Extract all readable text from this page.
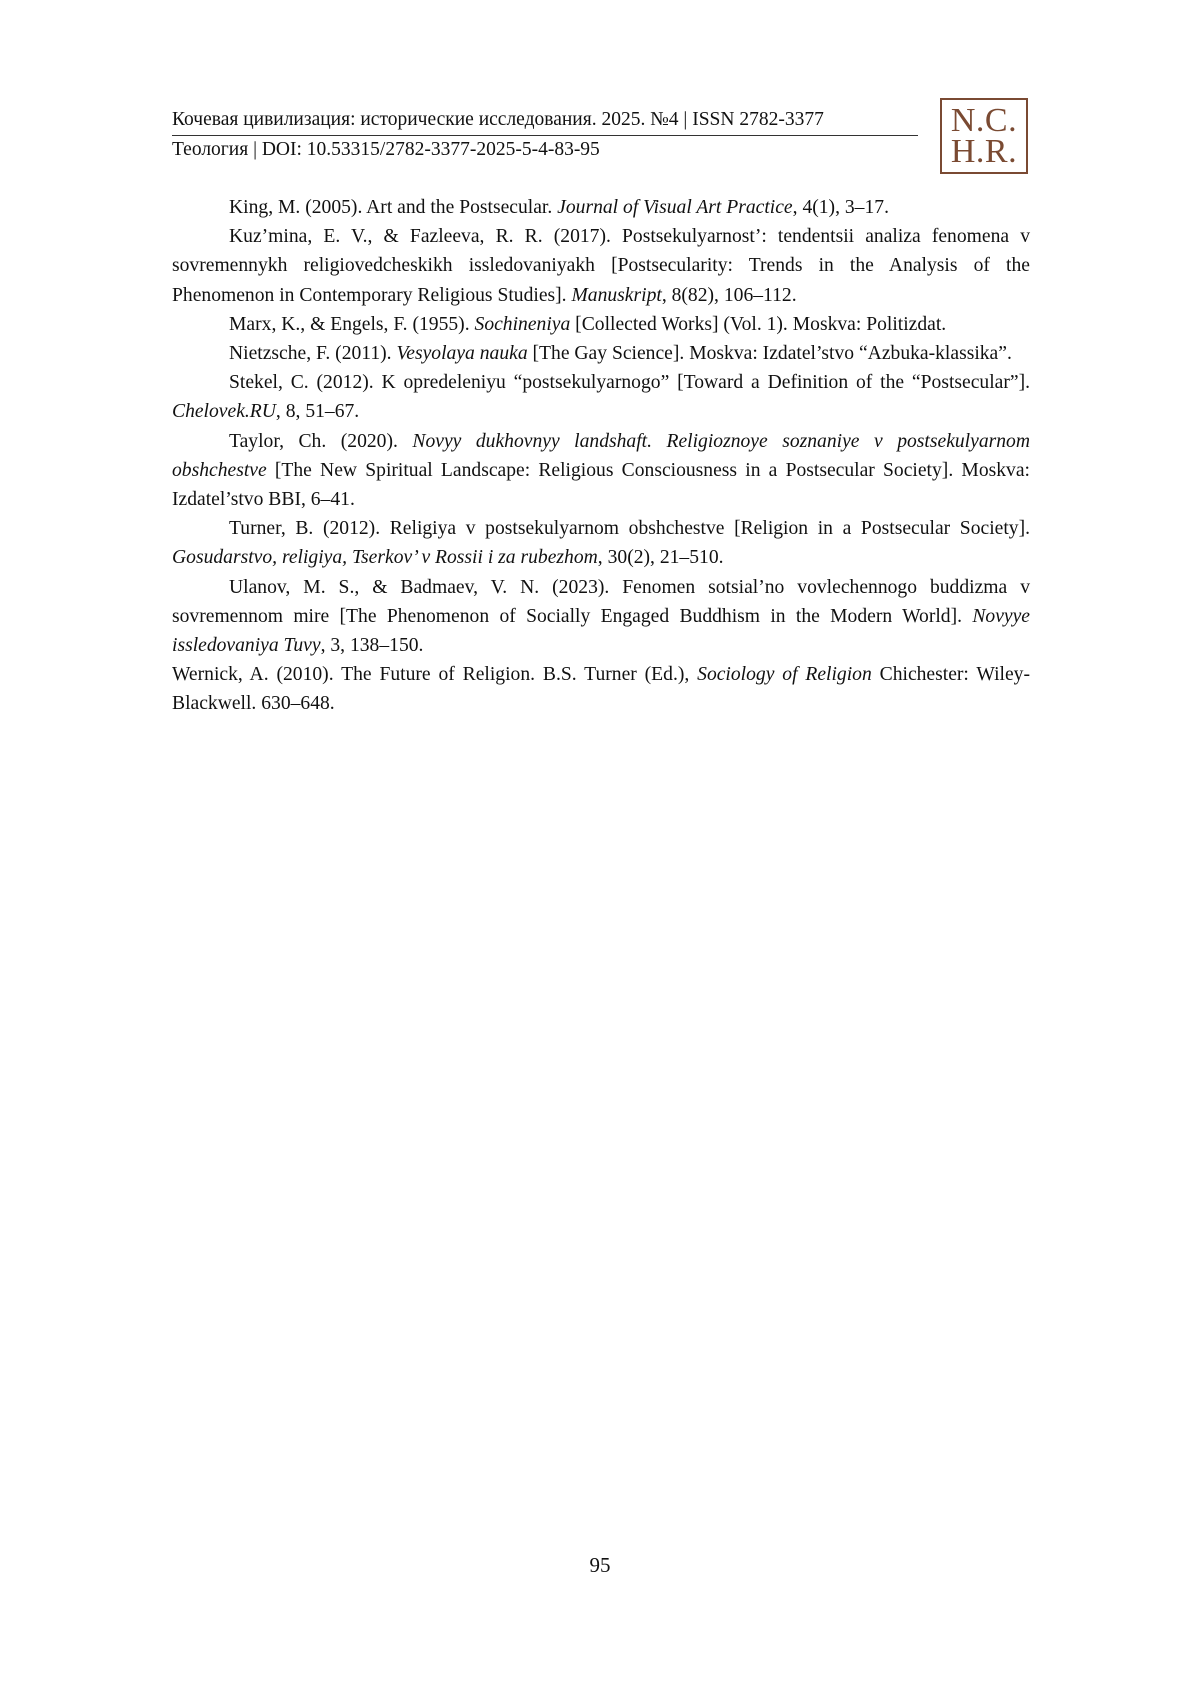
Кочевая цивилизация: исторические исследования. 2025. №4 | ISSN 2782-3377
Теология | DOI: 10.53315/2782-3377-2025-5-4-83-95
N.C.
H.R.

King, M. (2005). Art and the Postsecular. Journal of Visual Art Practice, 4(1), 3–17.

Kuz’mina, E. V., & Fazleeva, R. R. (2017). Postsekulyarnost’: tendentsii analiza fenomena v sovremennykh religiovedcheskikh issledovaniyakh [Postsecularity: Trends in the Analysis of the Phenomenon in Contemporary Religious Studies]. Manuskript, 8(82), 106–112.

Marx, K., & Engels, F. (1955). Sochineniya [Collected Works] (Vol. 1). Moskva: Politizdat.

Nietzsche, F. (2011). Vesyolaya nauka [The Gay Science]. Moskva: Izdatel’stvo “Azbuka-klassika”.

Stekel, C. (2012). K opredeleniyu “postsekulyarnogo” [Toward a Definition of the “Postsecular”]. Chelovek.RU, 8, 51–67.

Taylor, Ch. (2020). Novyy dukhovnyy landshaft. Religioznoye soznaniye v postsekulyarnom obshchestve [The New Spiritual Landscape: Religious Consciousness in a Postsecular Society]. Moskva: Izdatel’stvo BBI, 6–41.

Turner, B. (2012). Religiya v postsekulyarnom obshchestve [Religion in a Postsecular Society]. Gosudarstvo, religiya, Tserkov’ v Rossii i za rubezhom, 30(2), 21–510.

Ulanov, M. S., & Badmaev, V. N. (2023). Fenomen sotsial’no vovlechennogo buddizma v sovremennom mire [The Phenomenon of Socially Engaged Buddhism in the Modern World]. Novyye issledovaniya Tuvy, 3, 138–150.

Wernick, A. (2010). The Future of Religion. B.S. Turner (Ed.), Sociology of Religion Chichester: Wiley-Blackwell. 630–648.

95
